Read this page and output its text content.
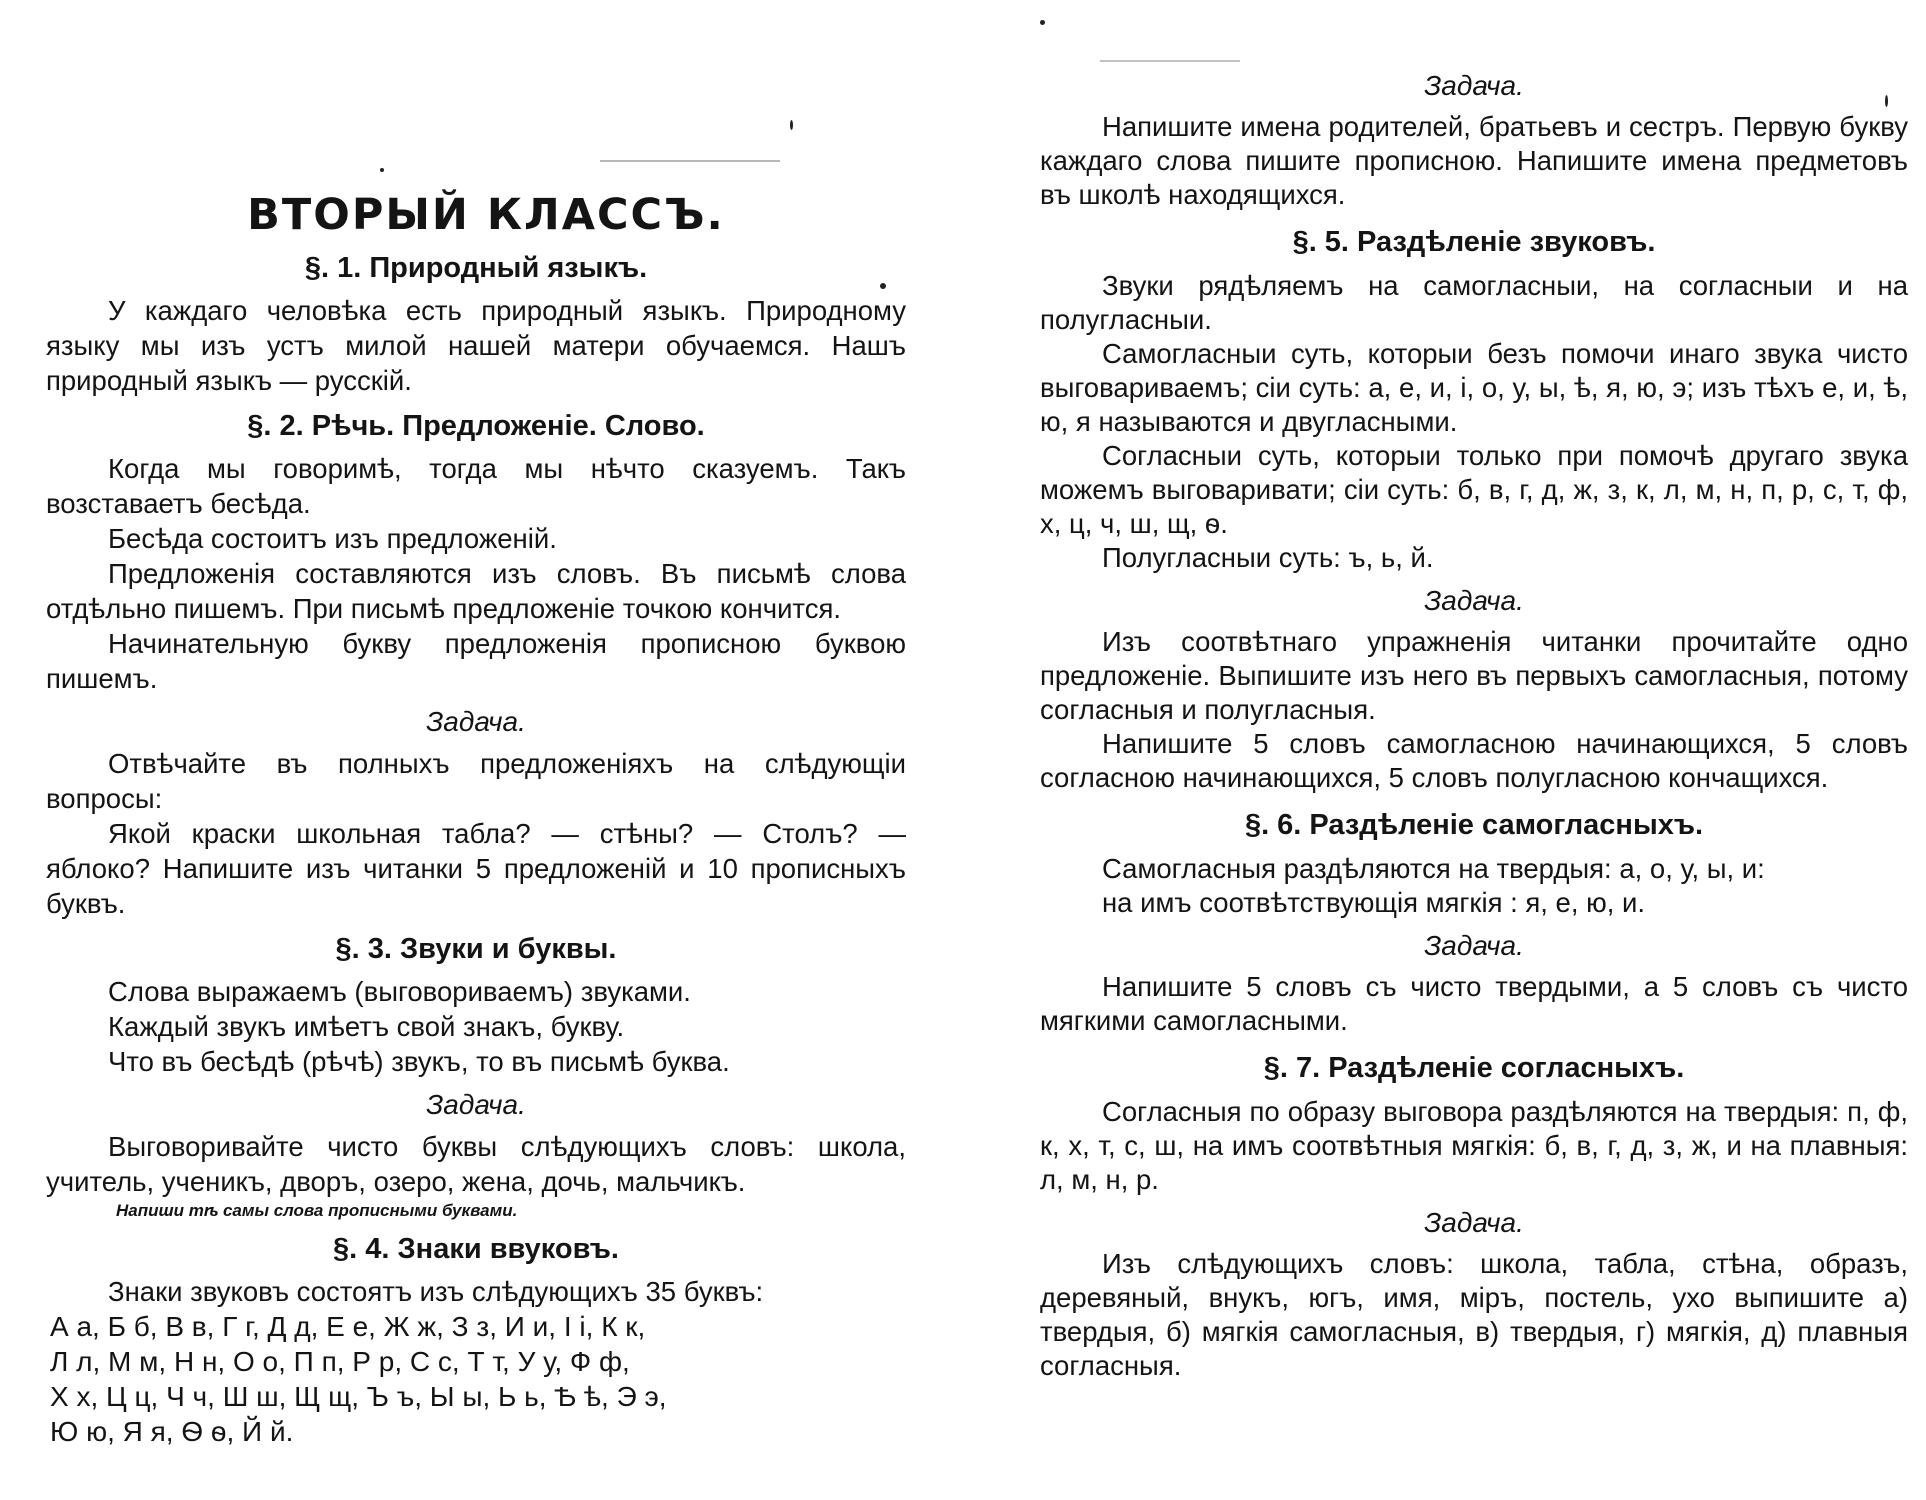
ВТОРЫЙ КЛАССЪ.
§. 1. Природный языкъ.

У каждаго человѣка есть природный языкъ. Природному языку мы изъ устъ милой нашей матери обучаемся. Нашъ природный языкъ — русскій.

§. 2. Рѣчь. Предложеніе. Слово.

Когда мы говоримѣ, тогда мы нѣчто сказуемъ. Такъ возставаетъ бесѣда.

Бесѣда состоитъ изъ предложеній.

Предложенія составляются изъ словъ. Въ письмѣ слова отдѣльно пишемъ. При письмѣ предложеніе точкою кончится.

Начинательную букву предложенія прописною буквою пишемъ.

Задача.

Отвѣчайте въ полныхъ предложеніяхъ на слѣдующіи вопросы:

Якой краски школьная табла? — стѣны? — Столъ? — яблоко? Напишите изъ читанки 5 предложеній и 10 прописныхъ буквъ.

§. 3. Звуки и буквы.

Слова выражаемъ (выговориваемъ) звуками.

Каждый звукъ имѣетъ свой знакъ, букву.

Что въ бесѣдѣ (рѣчѣ) звукъ, то въ письмѣ буква.

Задача.

Выговоривайте чисто буквы слѣдующихъ словъ: школа, учитель, ученикъ, дворъ, озеро, жена, дочь, мальчикъ.

Напиши тѣ самы слова прописными буквами.
§. 4. Знаки ввуковъ.

Знаки звуковъ состоятъ изъ слѣдующихъ 35 буквъ:

А а, Б б, В в, Г г, Д д, Е е, Ж ж, З з, И и, І і, К к,
Л л, М м, Н н, О о, П п, Р р, С с, Т т, У у, Ф ф,
Х х, Ц ц, Ч ч, Ш ш, Щ щ, Ъ ъ, Ы ы, Ь ь, Ѣ ѣ, Э э,
Ю ю, Я я, Ѳ ѳ, Й й.
Задача.

Напишите имена родителей, братьевъ и сестръ. Первую букву каждаго слова пишите прописною. Напишите имена предметовъ въ школѣ находящихся.

§. 5. Раздѣленіе звуковъ.

Звуки рядѣляемъ на самогласныи, на согласныи и на полугласныи.

Самогласныи суть, которыи безъ помочи инаго звука чисто выговариваемъ; сіи суть: а, е, и, і, о, у, ы, ѣ, я, ю, э; изъ тѣхъ е, и, ѣ, ю, я называются и двугласными.

Согласныи суть, которыи только при помочѣ другаго звука можемъ выговаривати; сіи суть: б, в, г, д, ж, з, к, л, м, н, п, р, с, т, ф, х, ц, ч, ш, щ, ѳ.

Полугласныи суть: ъ, ь, й.

Задача.

Изъ соотвѣтнаго упражненія читанки прочитайте одно предложеніе. Выпишите изъ него въ первыхъ самогласныя, потому согласныя и полугласныя.

Напишите 5 словъ самогласною начинающихся, 5 словъ согласною начинающихся, 5 словъ полугласною кончащихся.

§. 6. Раздѣленіе самогласныхъ.

Самогласныя раздѣляются на твердыя: а, о, у, ы, и:

на имъ соотвѣтствующія мягкія : я, е, ю, и.

Задача.

Напишите 5 словъ съ чисто твердыми, а 5 словъ съ чисто мягкими самогласными.

§. 7. Раздѣленіе согласныхъ.

Согласныя по образу выговора раздѣляются на твердыя: п, ф, к, х, т, с, ш, на имъ соотвѣтныя мягкія: б, в, г, д, з, ж, и на плавныя: л, м, н, р.

Задача.

Изъ слѣдующихъ словъ: школа, табла, стѣна, образъ, деревяный, внукъ, югъ, имя, міръ, постель, ухо выпишите а) твердыя, б) мягкія самогласныя, в) твердыя, г) мягкія, д) плавныя согласныя.
